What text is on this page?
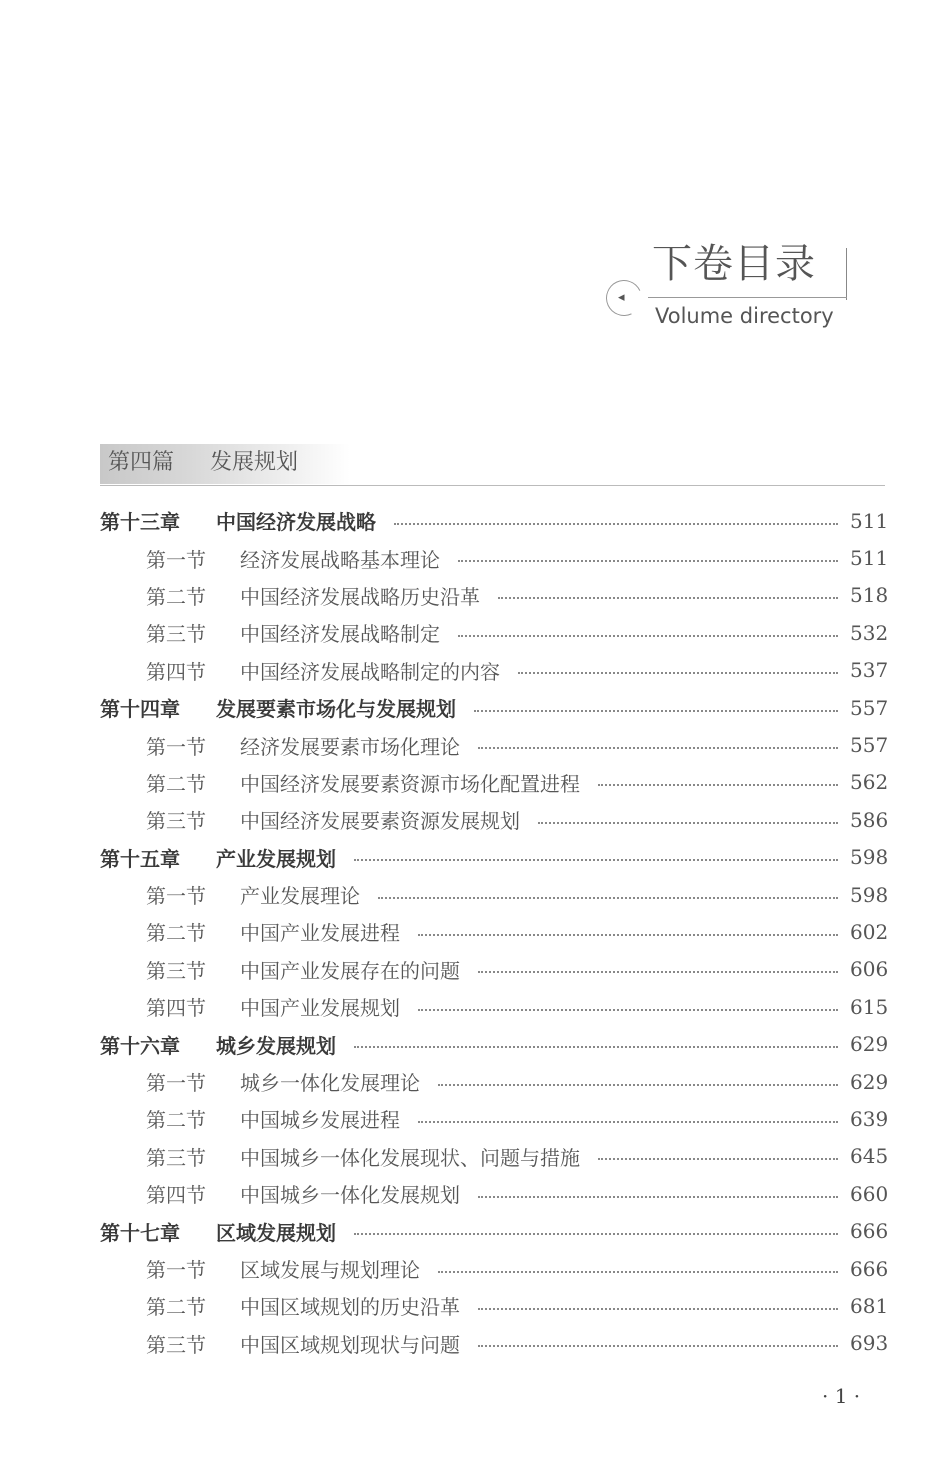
下卷目录
◂
Volume directory
第四篇 发展规划
第十三章	中国经济发展战略	511
第一节	经济发展战略基本理论	511
第二节	中国经济发展战略历史沿革	518
第三节	中国经济发展战略制定	532
第四节	中国经济发展战略制定的内容	537
第十四章	发展要素市场化与发展规划	557
第一节	经济发展要素市场化理论	557
第二节	中国经济发展要素资源市场化配置进程	562
第三节	中国经济发展要素资源发展规划	586
第十五章	产业发展规划	598
第一节	产业发展理论	598
第二节	中国产业发展进程	602
第三节	中国产业发展存在的问题	606
第四节	中国产业发展规划	615
第十六章	城乡发展规划	629
第一节	城乡一体化发展理论	629
第二节	中国城乡发展进程	639
第三节	中国城乡一体化发展现状、问题与措施	645
第四节	中国城乡一体化发展规划	660
第十七章	区域发展规划	666
第一节	区域发展与规划理论	666
第二节	中国区域规划的历史沿革	681
第三节	中国区域规划现状与问题	693
· 1 ·
